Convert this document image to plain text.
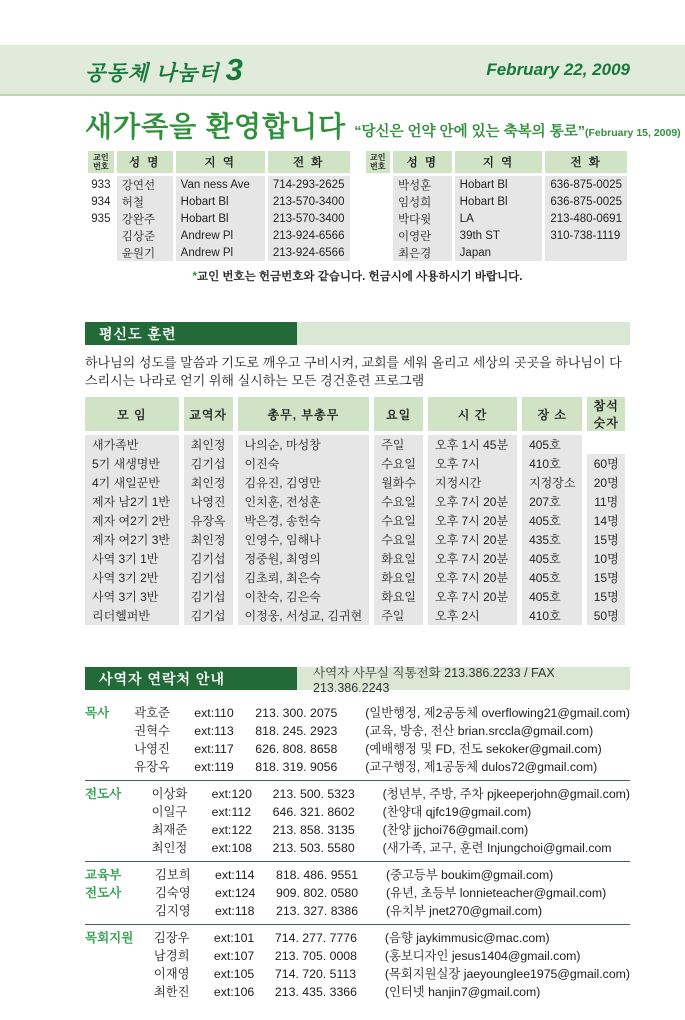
공동체 나눔터 3	February 22, 2009
새가족을 환영합니다 “당신은 언약 안에 있는 축복의 통로” (February 15, 2009)
교인
번호	성 명	지 역	전 화
933	강연선	Van ness Ave	714-293-2625
934	허철	Hobart Bl	213-570-3400
935	강완주	Hobart Bl	213-570-3400
	김상준	Andrew Pl	213-924-6566
	윤원기	Andrew Pl	213-924-6566
교인
번호	성 명	지 역	전 화
	박성훈	Hobart Bl	636-875-0025
	임성희	Hobart Bl	636-875-0025
	박다윗	LA	213-480-0691
	이영란	39th ST	310-738-1119
	최은경	Japan	
*교인 번호는 헌금번호와 같습니다. 헌금시에 사용하시기 바랍니다.
평신도 훈련
하나님의 성도를 말씀과 기도로 깨우고 구비시켜, 교회를 세워 올리고 세상의 곳곳을 하나님이 다스리시는 나라로 얻기 위해 실시하는 모든 경건훈련 프로그램
모 임	교역자	총무, 부총무	요일	시 간	장 소	참석숫자
새가족반	최인정	나의순, 마성창	주일	오후 1시 45분	405호	
5기 새생명반	김기섭	이진숙	수요일	오후 7시	410호	60명
4기 새일꾼반	최인정	김유진, 김영만	월화수	지정시간	지정장소	20명
제자 남2기 1반	나영진	인치훈, 전성훈	수요일	오후 7시 20분	207호	11명
제자 여2기 2반	유장옥	박은경, 송헌숙	수요일	오후 7시 20분	405호	14명
제자 여2기 3반	최인정	인영수, 임해나	수요일	오후 7시 20분	435호	15명
사역 3기 1반	김기섭	정중원, 최영의	화요일	오후 7시 20분	405호	10명
사역 3기 2반	김기섭	김초뢰, 최은숙	화요일	오후 7시 20분	405호	15명
사역 3기 3반	김기섭	이찬숙, 김은숙	화요일	오후 7시 20분	405호	15명
리더헬퍼반	김기섭	이정웅, 서성교, 김귀현	주일	오후 2시	410호	50명
사역자 연락처 안내	사역자 사무실 직통전화 213.386.2233 / FAX 213.386.2243
목사	곽호준	ext:110	213. 300. 2075	(일반행정, 제2공동체 overflowing21@gmail.com)
권혁수	ext:113	818. 245. 2923	(교육, 방송, 전산 brian.srccla@gmail.com)
나영진	ext:117	626. 808. 8658	(예배행정 및 FD, 전도 sekoker@gmail.com)
유장옥	ext:119	818. 319. 9056	(교구행정, 제1공동체 dulos72@gmail.com)
전도사	이상화	ext:120	213. 500. 5323	(청년부, 주방, 주차 pjkeeperjohn@gmail.com)
이일구	ext:112	646. 321. 8602	(찬양대 qjfc19@gmail.com)
최재준	ext:122	213. 858. 3135	(찬양 jjchoi76@gmail.com)
최인정	ext:108	213. 503. 5580	(새가족, 교구, 훈련 Injungchoi@gmail.com
교육부
전도사
김보희	ext:114	818. 486. 9551	(중고등부 boukim@gmail.com)
김숙영	ext:124	909. 802. 0580	(유년, 초등부 lonnieteacher@gmail.com)
김지영	ext:118	213. 327. 8386	(유치부 jnet270@gmail.com)
목회지원	김장우	ext:101	714. 277. 7776	(음향 jaykimmusic@mac.com)
남경희	ext:107	213. 705. 0008	(홍보디자인 jesus1404@gmail.com)
이재영	ext:105	714. 720. 5113	(목회지원실장 jaeyounglee1975@gmail.com)
최한진	ext:106	213. 435. 3366	(인터넷 hanjin7@gmail.com)
